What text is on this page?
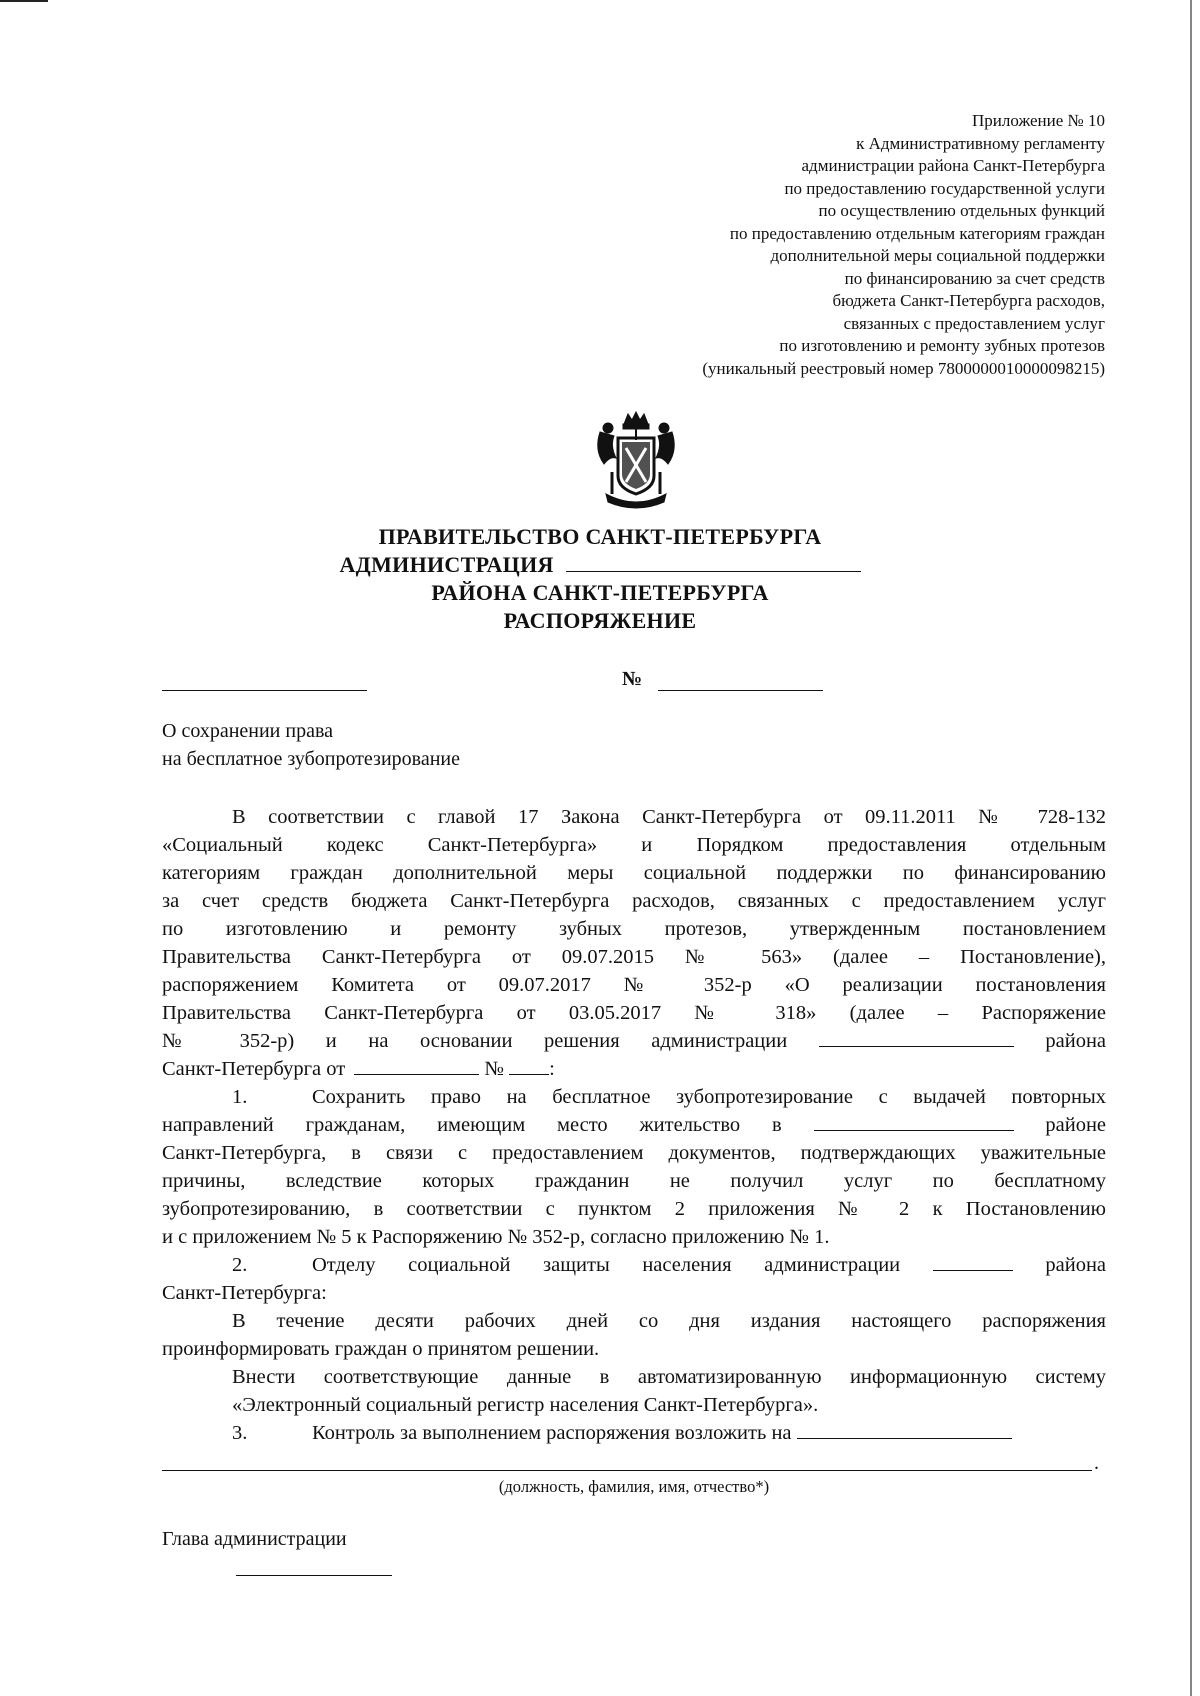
Приложение № 10
к Административному регламенту
администрации района Санкт-Петербурга
по предоставлению государственной услуги
по осуществлению отдельных функций
по предоставлению отдельным категориям граждан
дополнительной меры социальной поддержки
по финансированию за счет средств
бюджета Санкт-Петербурга расходов,
связанных с предоставлением услуг
по изготовлению и ремонту зубных протезов
(уникальный реестровый номер 7800000010000098215)
ПРАВИТЕЛЬСТВО САНКТ-ПЕТЕРБУРГА
АДМИНИСТРАЦИЯ
РАЙОНА САНКТ-ПЕТЕРБУРГА
РАСПОРЯЖЕНИЕ
№
О сохранении права
на бесплатное зубопротезирование
В соответствии с главой 17 Закона Санкт-Петербурга от 09.11.2011 № 728-132
«Социальный кодекс Санкт-Петербурга» и Порядком предоставления отдельным
категориям граждан дополнительной меры социальной поддержки по финансированию
за счет средств бюджета Санкт-Петербурга расходов, связанных с предоставлением услуг
по изготовлению и ремонту зубных протезов, утвержденным постановлением
Правительства Санкт-Петербурга от 09.07.2015 № 563» (далее – Постановление),
распоряжением Комитета от 09.07.2017 № 352-р «О реализации постановления
Правительства Санкт-Петербурга от 03.05.2017 № 318» (далее – Распоряжение
№ 352-р) и на основании решения администрации	района
Санкт-Петербурга от	№ :
1.	Сохранить право на бесплатное зубопротезирование с выдачей повторных
направлений гражданам, имеющим место жительство в	районе
Санкт-Петербурга, в связи с предоставлением документов, подтверждающих уважительные
причины, вследствие которых гражданин не получил услуг по бесплатному
зубопротезированию, в соответствии с пунктом 2 приложения № 2 к Постановлению
и с приложением № 5 к Распоряжению № 352-р, согласно приложению № 1.
2.	Отделу социальной защиты населения администрации	района
Санкт-Петербурга:
В течение десяти рабочих дней со дня издания настоящего распоряжения
проинформировать граждан о принятом решении.
Внести соответствующие данные в автоматизированную информационную систему
«Электронный социальный регистр населения Санкт-Петербурга».
3.	Контроль за выполнением распоряжения возложить на
.
(должность, фамилия, имя, отчество*)
Глава администрации
